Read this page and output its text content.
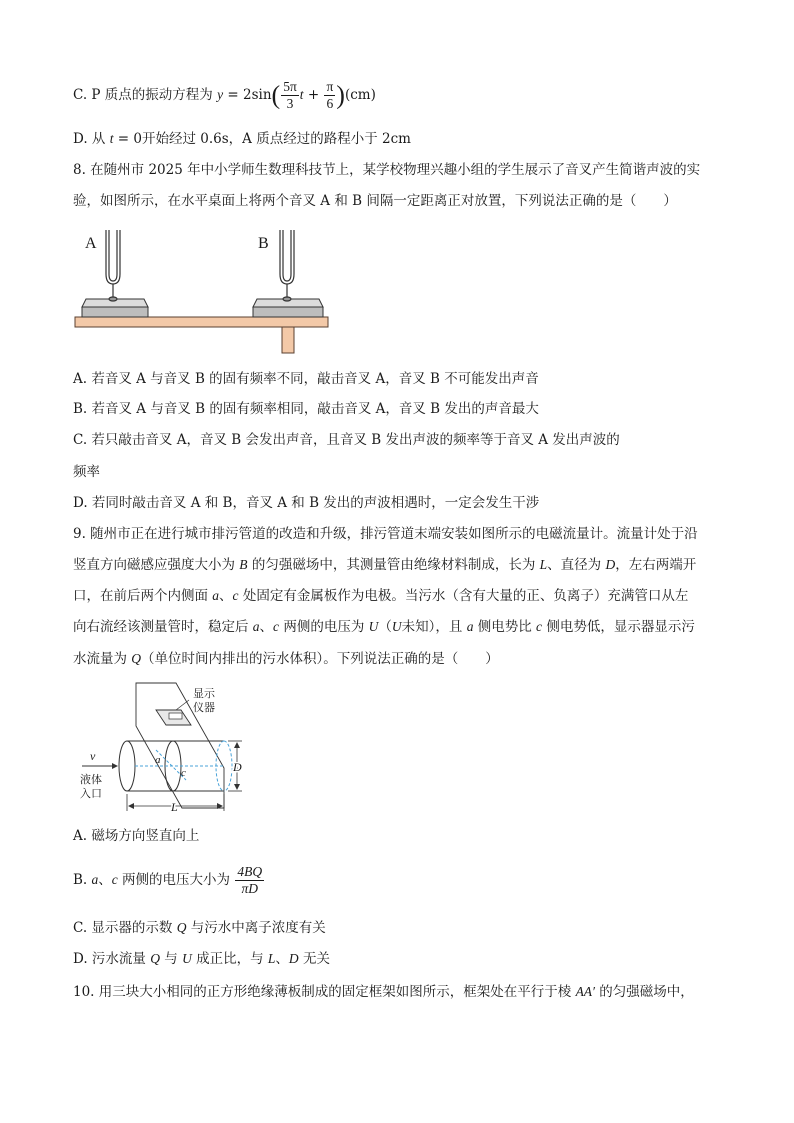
C. P 质点的振动方程为 $y = 2\sin( \frac{5\pi}{3}$ $t + \frac{\pi}{6} )(cm)$
D. 从 t = 0开始经过 0.6s，A 质点经过的路程小于 2cm
8. 在随州市 2025 年中小学师生数理科技节上，某学校物理兴趣小组的学生展示了音叉产生简谐声波的实
验，如图所示，在水平桌面上将两个音叉 A 和 B 间隔一定距离正对放置，下列说法正确的是（　　）
A	B
A. 若音叉 A 与音叉 B 的固有频率不同，敲击音叉 A，音叉 B 不可能发出声音
B. 若音叉 A 与音叉 B 的固有频率相同，敲击音叉 A，音叉 B 发出的声音最大
C. 若只敲击音叉 A，音叉 B 会发出声音，且音叉 B 发出声波的频率等于音叉 A 发出声波的
频率
D. 若同时敲击音叉 A 和 B，音叉 A 和 B 发出的声波相遇时，一定会发生干涉
9. 随州市正在进行城市排污管道的改造和升级，排污管道末端安装如图所示的电磁流量计。流量计处于沿
竖直方向磁感应强度大小为 B 的匀强磁场中，其测量管由绝缘材料制成，长为 L、直径为 D，左右两端开
口，在前后两个内侧面 a、c 处固定有金属板作为电极。当污水（含有大量的正、负离子）充满管口从左
向右流经该测量管时，稳定后 a、c 两侧的电压为 U（U未知），且 a 侧电势比 c 侧电势低，显示器显示污
水流量为 Q（单位时间内排出的污水体积）。下列说法正确的是（　　）
显示
仪器
a
c
v
液体
入口
D
L
A. 磁场方向竖直向上
B. a、c 两侧的电压大小为 $\frac{4BQ}{\pi D}$
C. 显示器的示数 Q 与污水中离子浓度有关
D. 污水流量 Q 与 U 成正比，与 L、D 无关
10. 用三块大小相同的正方形绝缘薄板制成的固定框架如图所示，框架处在平行于棱 AA′ 的匀强磁场中，
